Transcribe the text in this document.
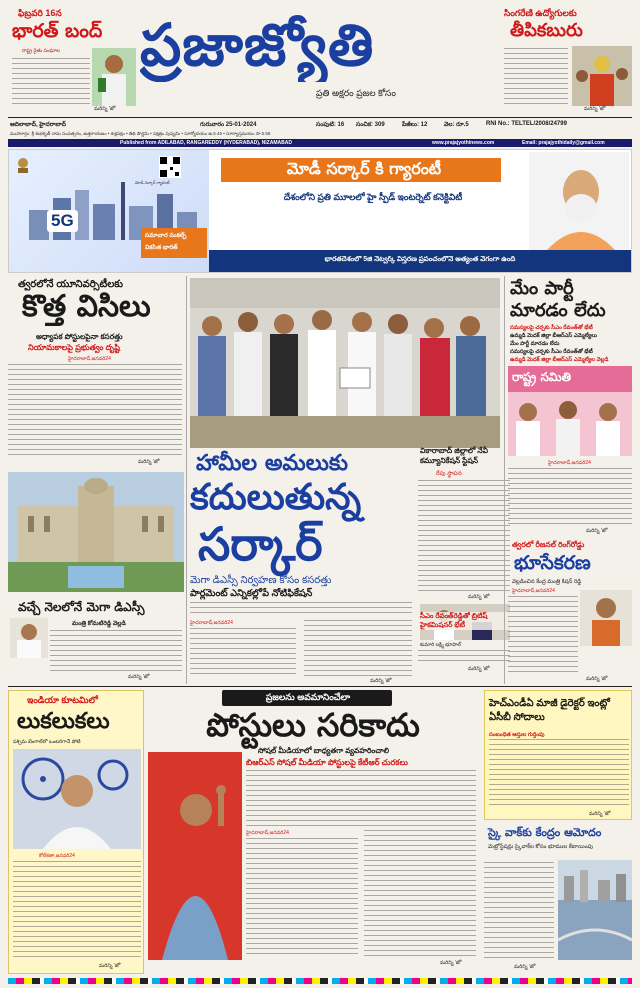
ఫిబ్రవరి 16న
భారత్ బంద్
రాష్ట్ర రైతు సంఘాల
మరిన్ని 'జో'
ప్రజాజ్యోతి
ప్రతి అక్షరం ప్రజల కోసం
సింగరేణి ఉద్యోగులకు
తీపికబురు
మరిన్ని 'జో'
ఆదిలాబాద్, హైదరాబాద్	గురువారం 25-01-2024	సంపుటి: 16 సంచిక: 309	పేజీలు: 12	వెల: రూ.5	RNI No.: TELTEL/2008/24799
ముహూర్తం: శ్రీ శుభకృత్ నామ సంవత్సరం, ఉత్తరాయణం • శుక్లపక్షం • తిథి పౌర్ణమి • నక్షత్రం పుష్యమి • సూర్యోదయం ఉ.6.46 • సూర్యాస్తమయం సా.5.58
Published from ADILABAD, RANGAREDDY (HYDERABAD), NIZAMABAD	www.prajajyothinews.com	Email: prajajyothidaily@gmail.com
5G
మోడీ సర్కార్ గ్యారంటీ
సమాచార సంకల్ప్
వికసిత భారత్
మోడీ సర్కార్ కి గ్యారంటీ
దేశంలోని ప్రతి మూలలో హై స్పీడ్ ఇంటర్నెట్ కనెక్టివిటీ
భారతదేశంలో 5జి నెట్వర్క్ విస్తరణ ప్రపంచంలోనే అత్యంత వేగంగా ఉంది
త్వరలోనే యూనివర్సిటీలకు
కొత్త విసిలు
అధ్యాపక పోస్టులపైనా కసరత్తు
నియామకాలపై ప్రభుత్వం దృష్టి
హైదరాబాద్,జనవరి24
మరిన్ని 'జో'
వచ్చే నెలలోనే మెగా డిఎస్సీ
మంత్రి కోమటిరెడ్డి వెల్లడి
మరిన్ని 'జో'
వికారాబాద్ జిల్లాలో నేవీ కమ్యూనికేషన్ స్టేషన్
రేపు స్థాపన
మరిన్ని 'జో'
సీఎం రేవంత్‌రెడ్డితో బ్రిటిష్ హైకమిషనర్ భేటీ
కుమారి లక్ష్మి భూపాల్
మరిన్ని 'జో'
హామీల అమలుకు
కదులుతున్న
సర్కార్
మెగా డిఎస్సీ నిర్వహణ కోసం కసరత్తు
పార్లమెంట్ ఎన్నికల్లోపే నోటిఫికేషన్
హైదరాబాద్,జనవరి24
మరిన్ని 'జో'
మేం పార్టీ మారడం లేదు
సమస్యలపై చర్చకు సీఎం రేవంత్‌తో భేటీ
ఉమ్మడి మెదక్ జిల్లా బీఆర్ఎస్ ఎమ్మెల్యేలు
మేం పార్టీ మారడం లేదు
సమస్యలపై చర్చకు సీఎం రేవంత్‌తో భేటీ
ఉమ్మడి మెదక్ జిల్లా బీఆర్ఎస్ ఎమ్మెల్యేల వెల్లడి
రాష్ట్ర సమితి
హైదరాబాద్,జనవరి24
మరిన్ని 'జో'
త్వరలో రీజనల్ రింగ్‌రోడ్డు
భూసేకరణ
వెల్లడించిన కేంద్ర మంత్రి కిషన్ రెడ్డి
హైదరాబాద్,జనవరి24
మరిన్ని 'జో'
ఇండియా కూటమిలో
లుకలుకలు
పశ్చిమ బెంగాల్‌లో ఒంటరిగానే పోటీ
కోల్‌కతా,జనవరి24
మరిన్ని 'జో'
ప్రజలను అవమానించేలా
పోస్టులు సరికాదు
సోషల్ మీడియాలో బాధ్యతగా వ్యవహరించాలి
బిఆర్ఎస్ సోషల్ మీడియా పోస్టులపై కేటీఆర్ చురకలు
హైదరాబాద్,జనవరి24
మరిన్ని 'జో'
హెచ్ఎండీఏ మాజీ డైరెక్టర్ ఇంట్లో ఏసీబీ సోదాలు
సంబంధిత ఆస్తుల గుర్తింపు
మరిన్ని 'జో'
స్కై వాక్‌కు కేంద్రం ఆమోదం
మెట్రోస్టేషన్లు స్కైవాక్‌ల కోసం భూముల కేటాయింపు
మరిన్ని 'జో'
